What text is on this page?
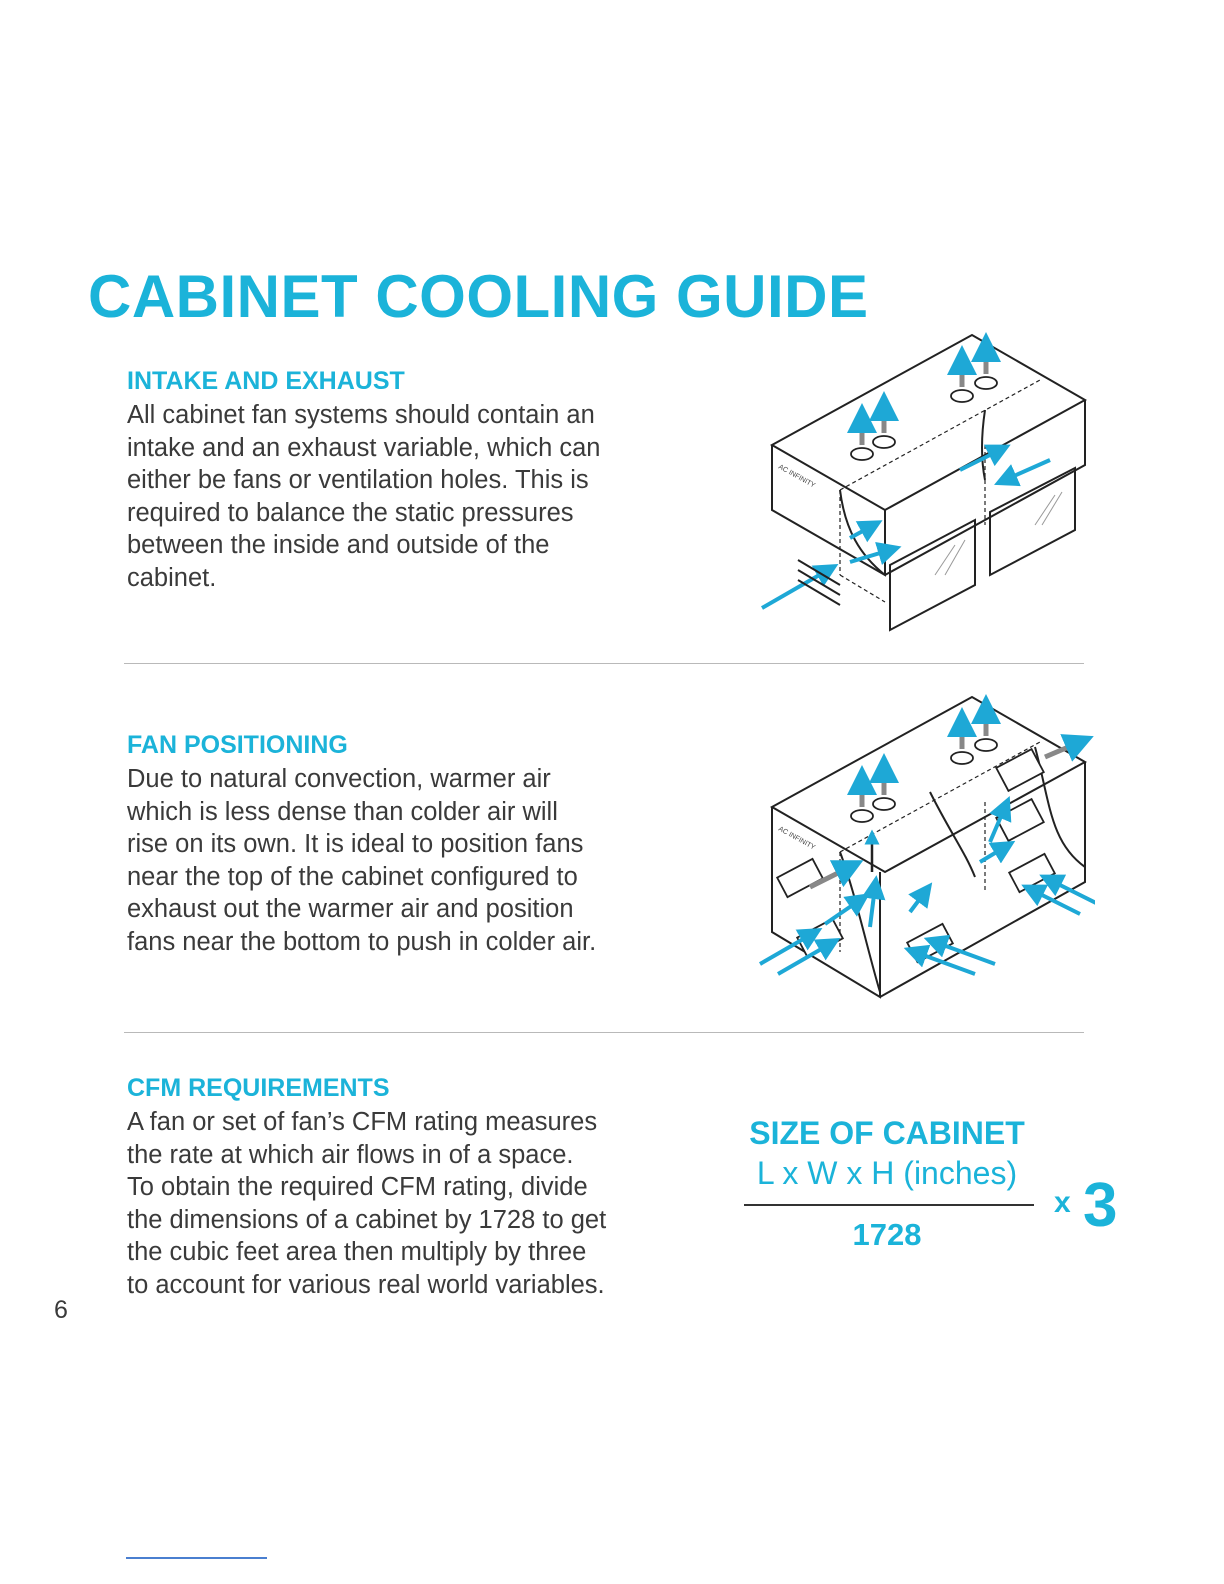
CABINET COOLING GUIDE
INTAKE AND EXHAUST

All cabinet fan systems should contain an
intake and an exhaust variable, which can
either be fans or ventilation holes. This is
required to balance the static pressures
between the inside and outside of the
cabinet.

AC INFINITY
FAN POSITIONING

Due to natural convection, warmer air
which is less dense than colder air will
rise on its own. It is ideal to position fans
near the top of the cabinet configured to
exhaust out the warmer air and position
fans near the bottom to push in colder air.

AC INFINITY
CFM REQUIREMENTS

A fan or set of fan’s CFM rating measures
the rate at which air flows in of a space.
To obtain the required CFM rating, divide
the dimensions of a cabinet by 1728 to get
the cubic feet area then multiply by three
to account for various real world variables.

SIZE OF CABINET
L x W x H (inches)
1728
x 3
6
